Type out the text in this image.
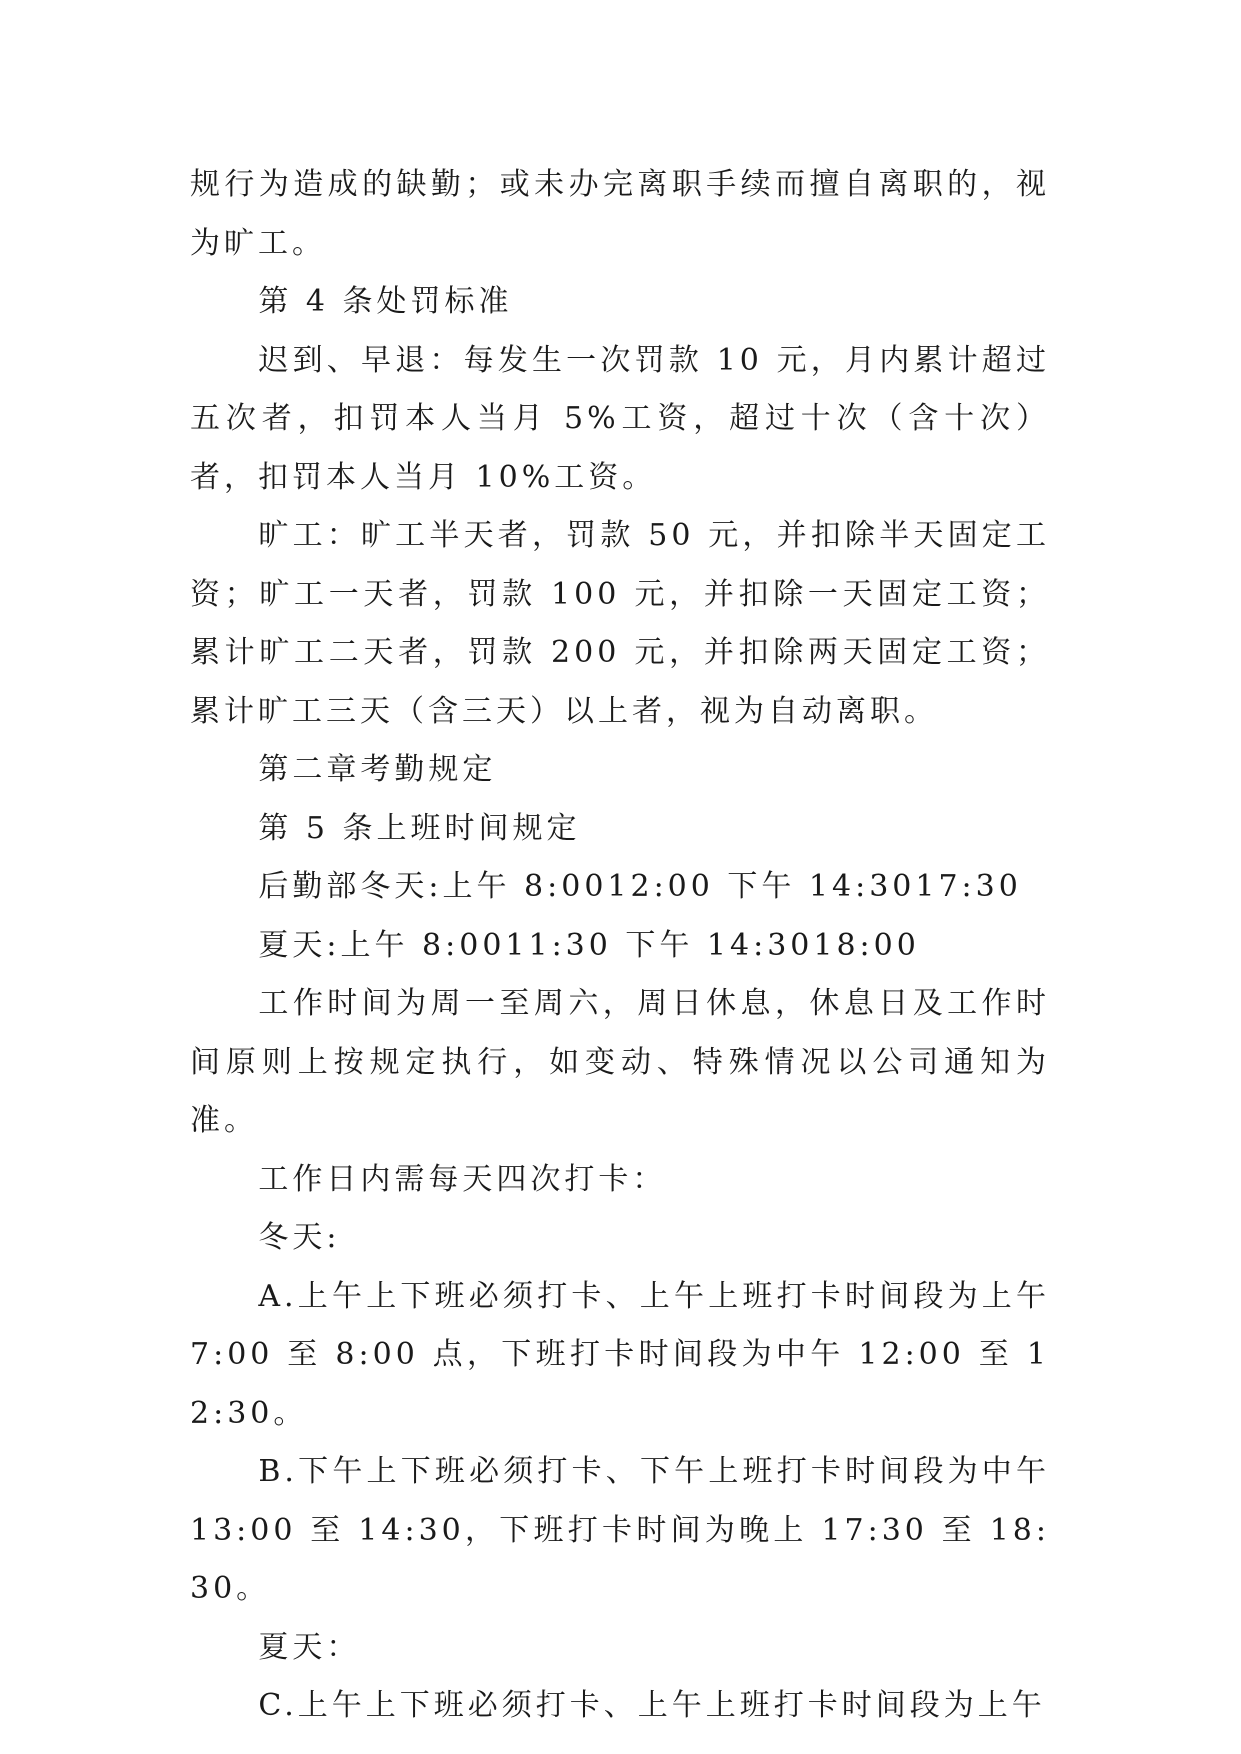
规行为造成的缺勤；或未办完离职手续而擅自离职的，视为旷工。

第 4 条处罚标准

迟到、早退：每发生一次罚款 10 元，月内累计超过五次者，扣罚本人当月 5%工资，超过十次（含十次）者，扣罚本人当月 10%工资。

旷工：旷工半天者，罚款 50 元，并扣除半天固定工资；旷工一天者，罚款 100 元，并扣除一天固定工资；累计旷工二天者，罚款 200 元，并扣除两天固定工资；累计旷工三天（含三天）以上者，视为自动离职。

第二章考勤规定

第 5 条上班时间规定

后勤部冬天:上午 8:0012:00 下午 14:3017:30

夏天:上午 8:0011:30 下午 14:3018:00

工作时间为周一至周六，周日休息，休息日及工作时间原则上按规定执行，如变动、特殊情况以公司通知为准。

工作日内需每天四次打卡：

冬天:

A.上午上下班必须打卡、上午上班打卡时间段为上午 7:00 至 8:00 点，下班打卡时间段为中午 12:00 至 12:30。

B.下午上下班必须打卡、下午上班打卡时间段为中午 13:00 至 14:30，下班打卡时间为晚上 17:30 至 18:30。

夏天：

C.上午上下班必须打卡、上午上班打卡时间段为上午
